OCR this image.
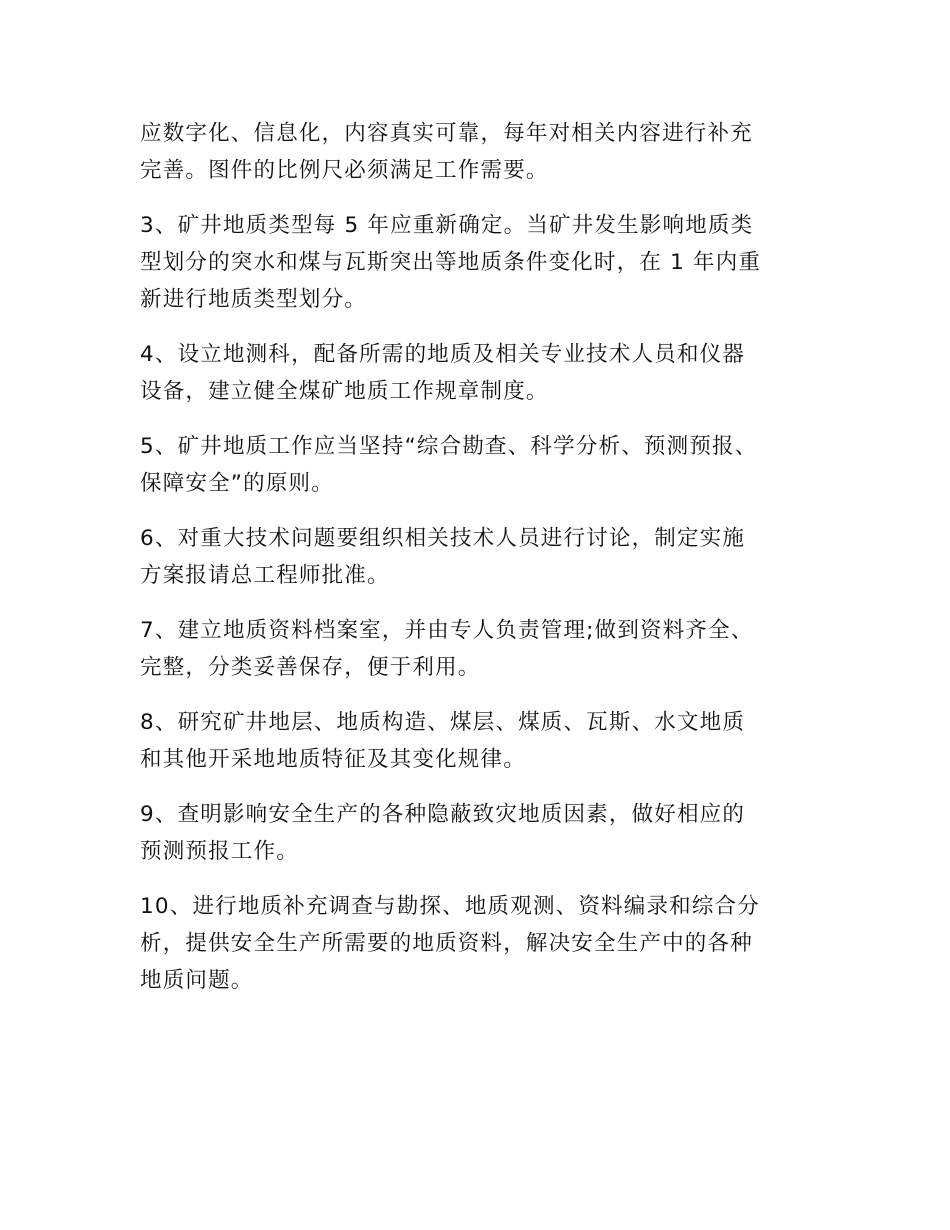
应数字化、信息化，内容真实可靠，每年对相关内容进行补充
完善。图件的比例尺必须满足工作需要。

3、矿井地质类型每 5 年应重新确定。当矿井发生影响地质类
型划分的突水和煤与瓦斯突出等地质条件变化时，在 1 年内重
新进行地质类型划分。

4、设立地测科，配备所需的地质及相关专业技术人员和仪器
设备，建立健全煤矿地质工作规章制度。

5、矿井地质工作应当坚持“综合勘查、科学分析、预测预报、
保障安全”的原则。

6、对重大技术问题要组织相关技术人员进行讨论，制定实施
方案报请总工程师批准。

7、建立地质资料档案室，并由专人负责管理;做到资料齐全、
完整，分类妥善保存，便于利用。

8、研究矿井地层、地质构造、煤层、煤质、瓦斯、水文地质
和其他开采地地质特征及其变化规律。

9、查明影响安全生产的各种隐蔽致灾地质因素，做好相应的
预测预报工作。

10、进行地质补充调查与勘探、地质观测、资料编录和综合分
析，提供安全生产所需要的地质资料，解决安全生产中的各种
地质问题。
